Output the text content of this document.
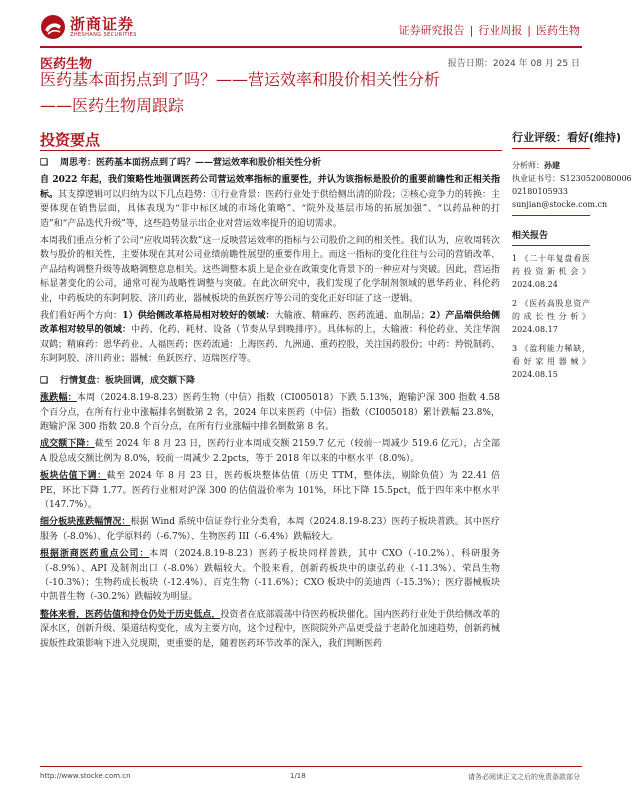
浙商证券
ZHESHANG SECURITIES	证券研究报告 | 行业周报 | 医药生物
医药生物	报告日期：2024 年 08 月 25 日
医药基本面拐点到了吗？——营运效率和股价相关性分析
——医药生物周跟踪
投资要点
❑ 周思考：医药基本面拐点到了吗？——营运效率和股价相关性分析

自 2022 年起，我们策略性地强调医药公司营运效率指标的重要性，并认为该指标是股价的重要前瞻性和正相关指标。其支撑逻辑可以归纳为以下几点趋势：①行业背景：医药行业处于供给侧出清的阶段；②核心竞争力的转换：主要体现在销售层面，具体表现为“非中标区域的市场化策略”、“院外及基层市场的拓展加强”、“以药品种的打造”和“产品迭代升级”等，这些趋势显示出企业对营运效率提升的迫切需求。

本周我们重点分析了公司“应收周转次数”这一反映营运效率的指标与公司股价之间的相关性。我们认为，应收周转次数与股价的相关性，主要体现在其对公司业绩前瞻性展望的重要作用上。而这一指标的变化往往与公司的营销改革、产品结构调整升级等战略调整息息相关。这些调整本质上是企业在政策变化背景下的一种应对与突破。因此，营运指标显著变化的公司，通常可视为战略性调整与突破。在此次研究中，我们发现了化学制剂领域的恩华药业、科伦药业，中药板块的东阿阿胶、济川药业，器械板块的鱼跃医疗等公司的变化正好印证了这一逻辑。

我们看好两个方向：1）供给侧改革格局相对较好的领域：大输液、精麻药、医药流通、血制品；2）产品端供给侧改革相对较早的领域：中药、化药、耗材、设备（节奏从早到晚排序）。具体标的上，大输液：科伦药业、关注华润双鹤；精麻药：恩华药业、人福医药；医药流通：上海医药、九洲通、重药控股，关注国药股份；中药：羚锐制药、东阿阿胶、济川药业；器械：鱼跃医疗、迈瑞医疗等。

❑ 行情复盘：板块回调，成交额下降

涨跌幅：本周（2024.8.19-8.23）医药生物（中信）指数（CI005018）下跌 5.13%，跑输沪深 300 指数 4.58 个百分点，在所有行业中涨幅排名倒数第 2 名，2024 年以来医药（中信）指数（CI005018）累计跌幅 23.8%，跑输沪深 300 指数 20.8 个百分点，在所有行业涨幅中排名倒数第 8 名。

成交额下降：截至 2024 年 8 月 23 日，医药行业本周成交额 2159.7 亿元（较前一周减少 519.6 亿元），占全部 A 股总成交额比例为 8.0%，较前一周减少 2.2pcts，等于 2018 年以来的中枢水平（8.0%）。

板块估值下调：截至 2024 年 8 月 23 日，医药板块整体估值（历史 TTM，整体法，剔除负值）为 22.41 倍 PE，环比下降 1.77。医药行业相对沪深 300 的估值溢价率为 101%，环比下降 15.5pct，低于四年来中枢水平（147.7%）。

细分板块涨跌幅情况：根据 Wind 系统中信证券行业分类看，本周（2024.8.19-8.23）医药子板块普跌。其中医疗服务（-8.0%）、化学原料药（-6.7%）、生物医药 III（-6.4%）跌幅较大。

根据浙商医药重点公司：本周（2024.8.19-8.23）医药子板块同样普跌，其中 CXO（-10.2%）、科研服务（-8.9%）、API 及制剂出口（-8.0%）跌幅较大。个股来看，创新药板块中的康弘药业（-11.3%）、荣昌生物（-10.3%）；生物药成长板块（-12.4%）、百克生物（-11.6%）；CXO 板块中的美迪西（-15.3%）；医疗器械板块中凯普生物（-30.2%）跌幅较为明显。

整体来看，医药估值和持仓仍处于历史低点，投资者在底部震荡中待医药板块催化。国内医药行业处于供给侧改革的深水区，创新升级、渠道结构变化，成为主要方向，这个过程中，医院院外产品更受益于老龄化加速趋势，创新药械拔版性政策影响下进入兑现期，更重要的是，随着医药环节改革的深入，我们判断医药

行业评级：看好(维持)
分析师：孙建
执业证书号：S1230520080006
02180105933
sunjian@stocke.com.cn
相关报告
1 《二十年复盘看医药投资新机会》 2024.08.24
2 《医药高股息资产的成长性分析》 2024.08.17
3 《盈利能力稀缺，看好家用器械》 2024.08.15
http://www.stocke.com.cn	1/18	请务必阅读正文之后的免责条款部分
